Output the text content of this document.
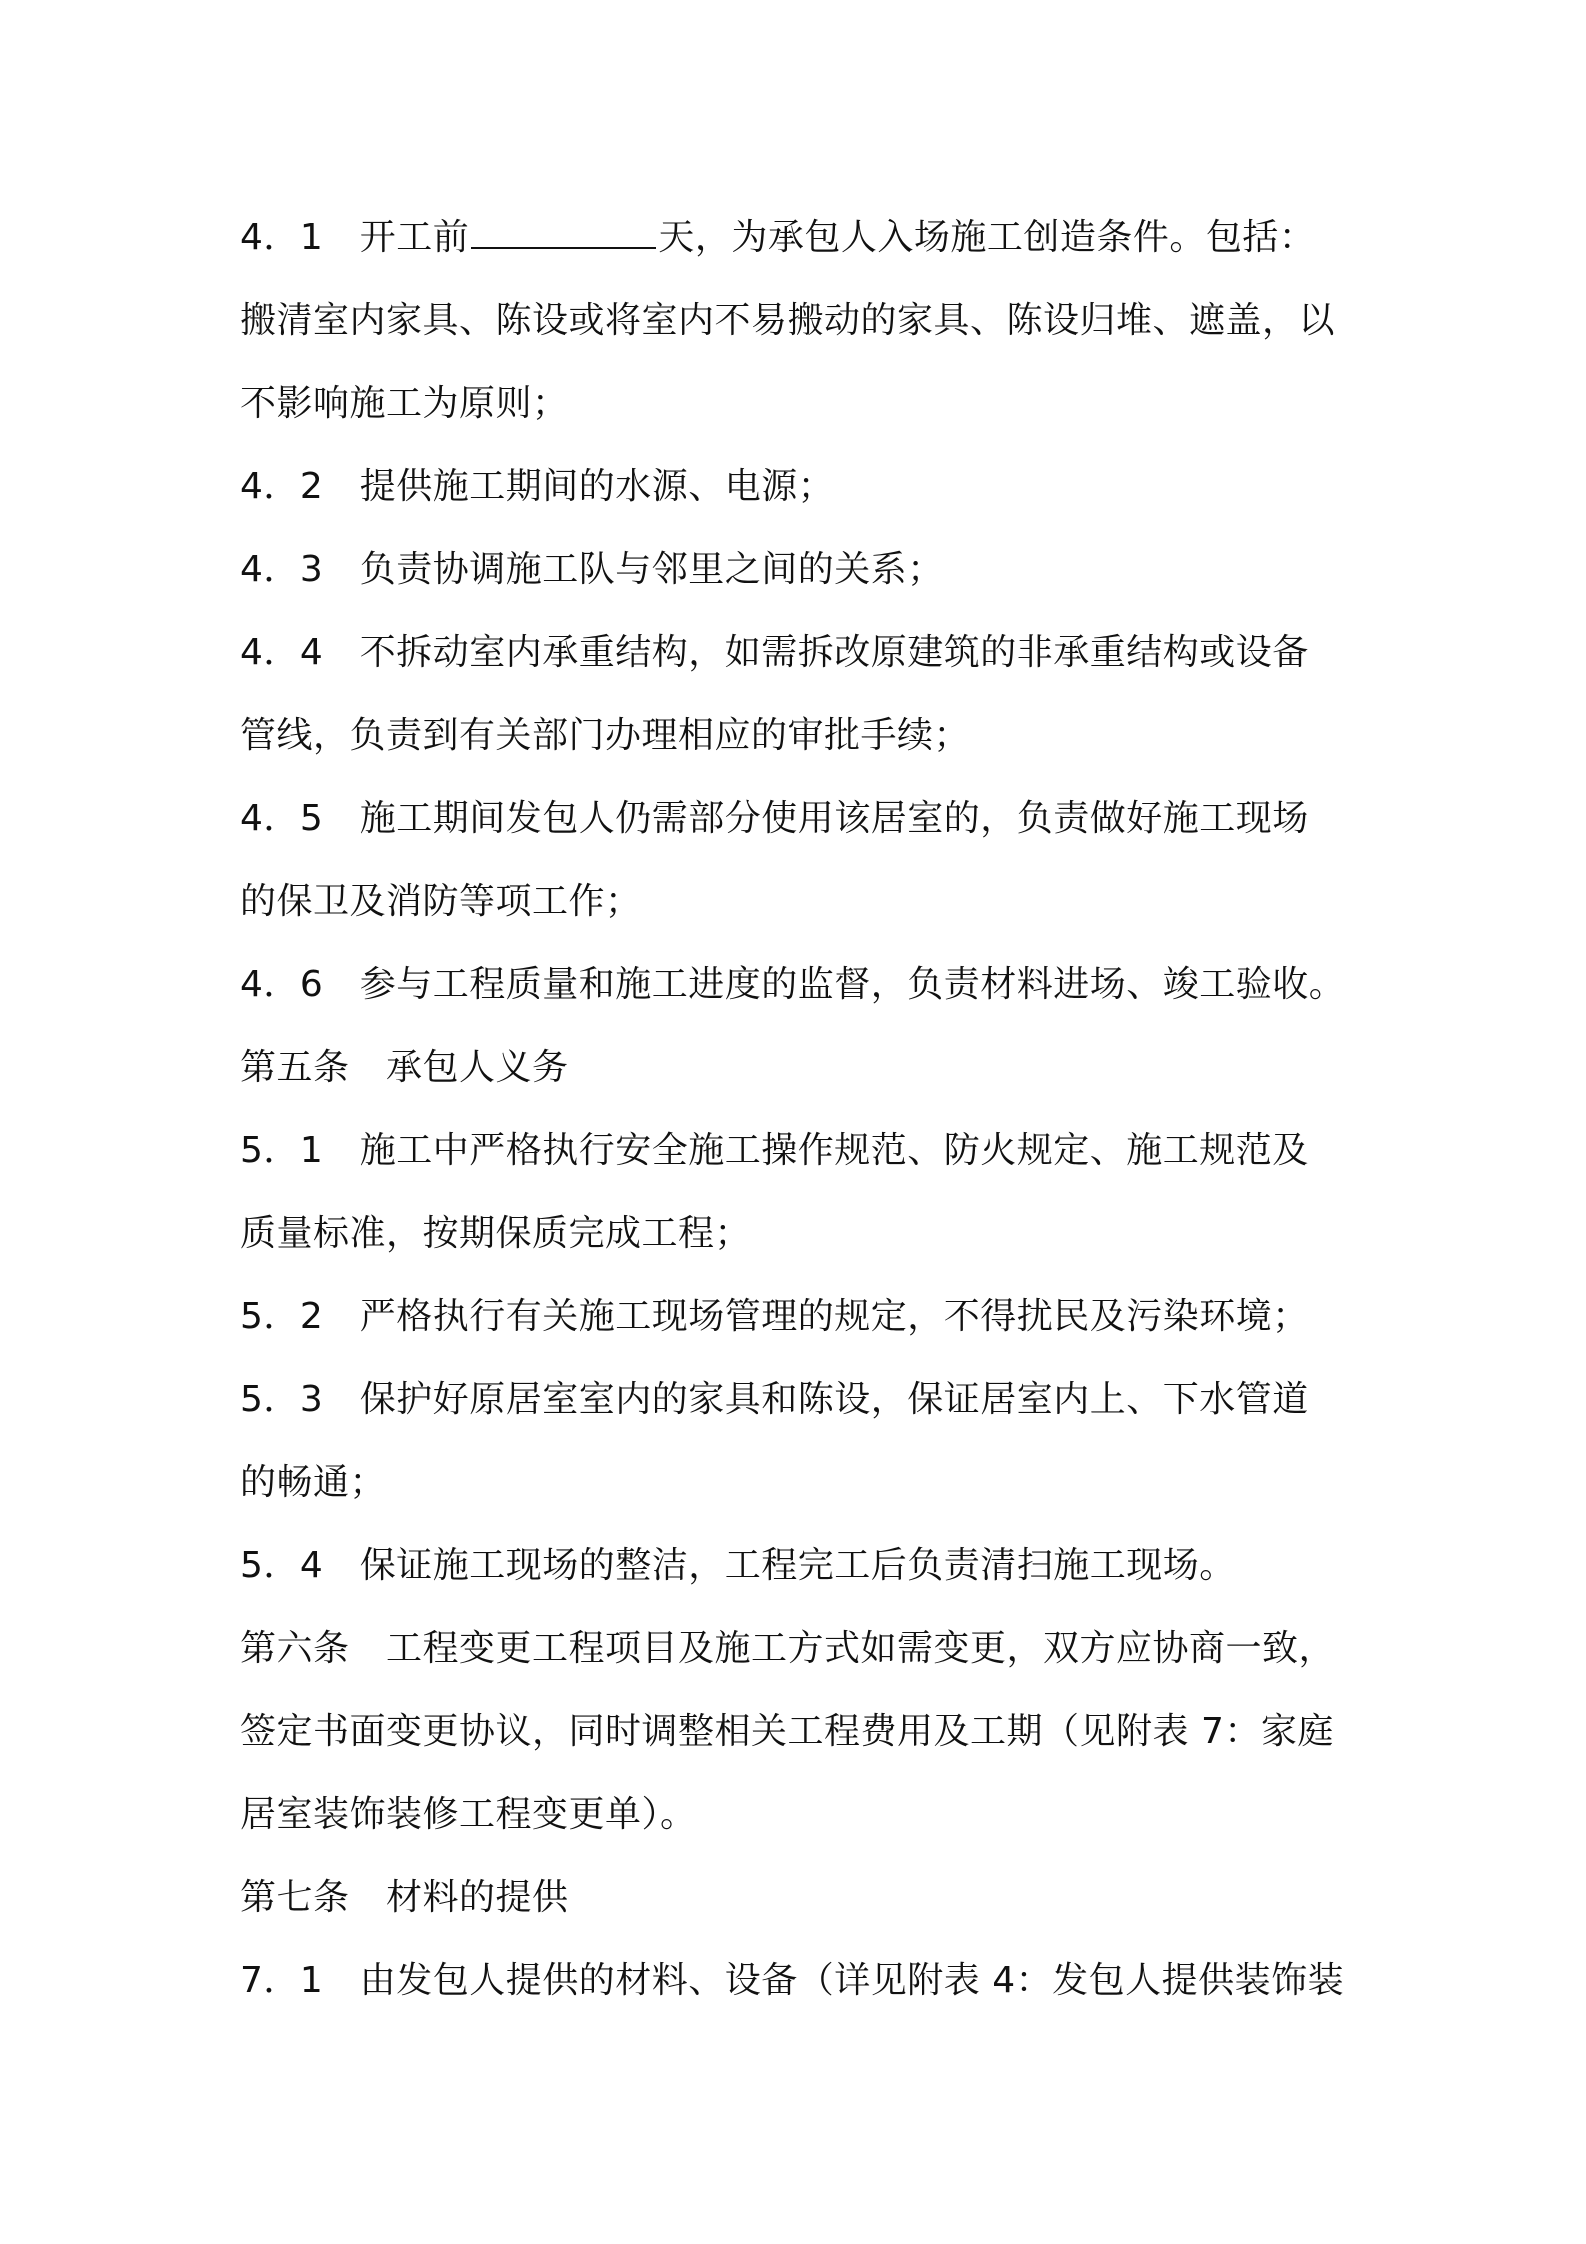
4．1　开工前	天，为承包人入场施工创造条件。包括：
搬清室内家具、陈设或将室内不易搬动的家具、陈设归堆、遮盖，以
不影响施工为原则；
4．2　提供施工期间的水源、电源；
4．3　负责协调施工队与邻里之间的关系；
4．4　不拆动室内承重结构，如需拆改原建筑的非承重结构或设备
管线，负责到有关部门办理相应的审批手续；
4．5　施工期间发包人仍需部分使用该居室的，负责做好施工现场
的保卫及消防等项工作；
4．6　参与工程质量和施工进度的监督，负责材料进场、竣工验收。
第五条　承包人义务
5．1　施工中严格执行安全施工操作规范、防火规定、施工规范及
质量标准，按期保质完成工程；
5．2　严格执行有关施工现场管理的规定，不得扰民及污染环境；
5．3　保护好原居室室内的家具和陈设，保证居室内上、下水管道
的畅通；
5．4　保证施工现场的整洁，工程完工后负责清扫施工现场。
第六条　工程变更工程项目及施工方式如需变更，双方应协商一致，
签定书面变更协议，同时调整相关工程费用及工期（见附表 7：家庭
居室装饰装修工程变更单）。
第七条　材料的提供
7．1　由发包人提供的材料、设备（详见附表 4：发包人提供装饰装
